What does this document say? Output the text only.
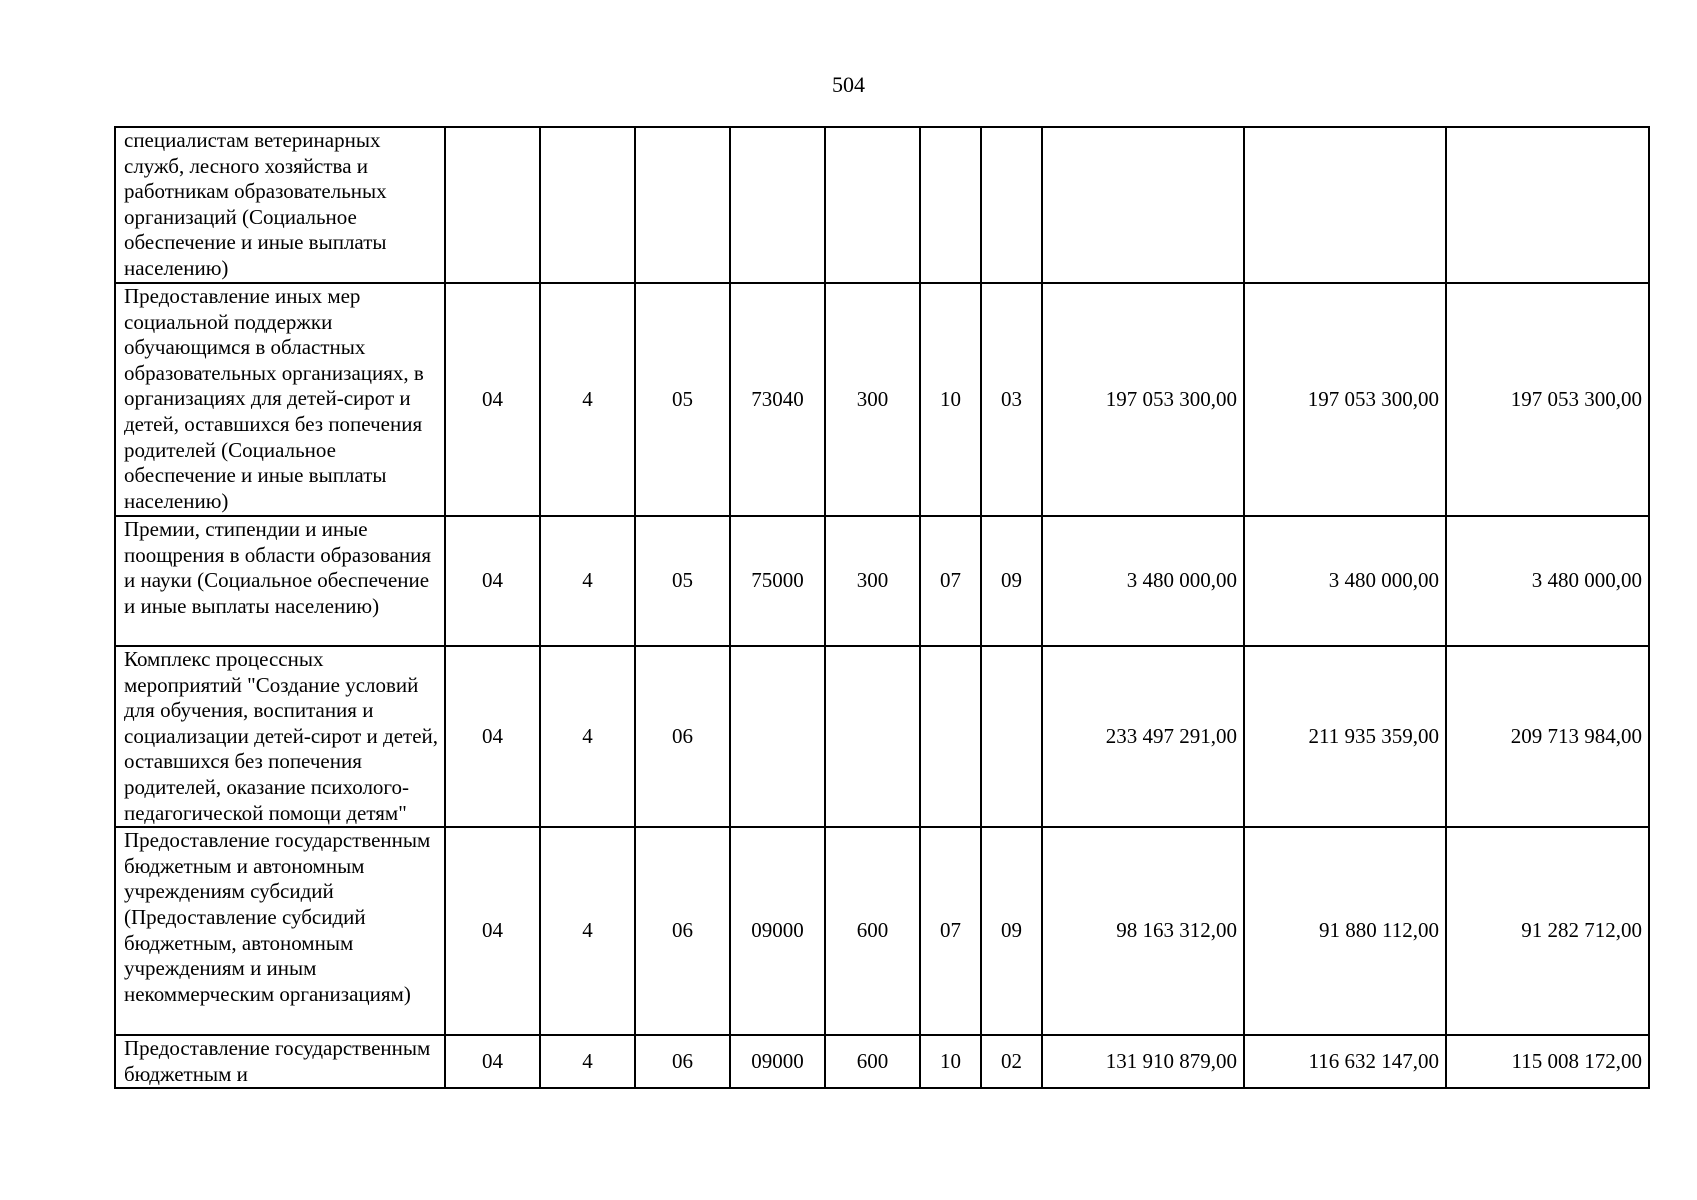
504
специалистам ветеринарных служб, лесного хозяйства и работникам образовательных организаций (Социальное обеспечение и иные выплаты населению)										
Предоставление иных мер социальной поддержки обучающимся в областных образовательных организациях, в организациях для детей-сирот и детей, оставшихся без попечения родителей (Социальное обеспечение и иные выплаты населению)	04	4	05	73040	300	10	03	197 053 300,00	197 053 300,00	197 053 300,00
Премии, стипендии и иные поощрения в области образования и науки (Социальное обеспечение и иные выплаты населению)	04	4	05	75000	300	07	09	3 480 000,00	3 480 000,00	3 480 000,00
Комплекс процессных мероприятий "Создание условий для обучения, воспитания и социализации детей-сирот и детей, оставшихся без попечения родителей, оказание психолого-педагогической помощи детям"	04	4	06					233 497 291,00	211 935 359,00	209 713 984,00
Предоставление государственным бюджетным и автономным учреждениям субсидий (Предоставление субсидий бюджетным, автономным учреждениям и иным некоммерческим организациям)	04	4	06	09000	600	07	09	98 163 312,00	91 880 112,00	91 282 712,00
Предоставление государственным бюджетным и	04	4	06	09000	600	10	02	131 910 879,00	116 632 147,00	115 008 172,00
